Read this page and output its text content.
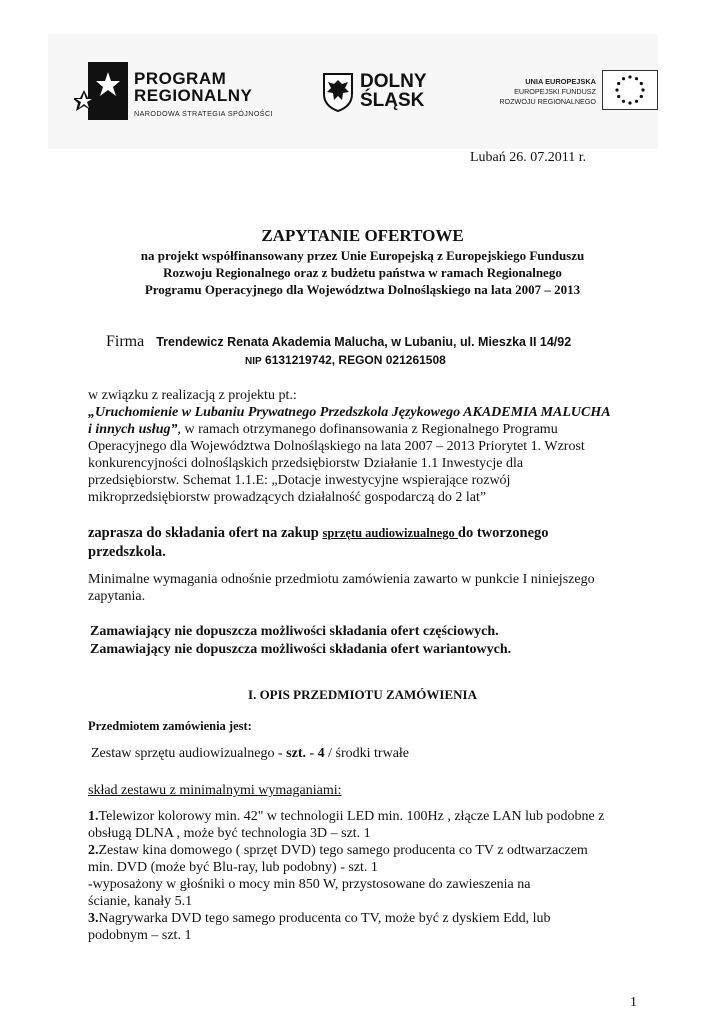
PROGRAM
REGIONALNY
NARODOWA STRATEGIA SPÓJNOŚCI
DOLNY
ŚLĄSK
UNIA EUROPEJSKA
EUROPEJSKI FUNDUSZ
ROZWOJU REGIONALNEGO
Lubań 26. 07.2011 r.
ZAPYTANIE OFERTOWE
na projekt współfinansowany przez Unie Europejską z Europejskiego Funduszu
Rozwoju Regionalnego oraz z budżetu państwa w ramach Regionalnego
Programu Operacyjnego dla Województwa Dolnośląskiego na lata 2007 – 2013
Firma Trendewicz Renata Akademia Malucha, w Lubaniu, ul. Mieszka II 14/92
NIP 6131219742, REGON 021261508
w związku z realizacją z projektu pt.:
„Uruchomienie w Lubaniu Prywatnego Przedszkola Językowego AKADEMIA MALUCHA
i innych usług”, w ramach otrzymanego dofinansowania z Regionalnego Programu
Operacyjnego dla Województwa Dolnośląskiego na lata 2007 – 2013 Priorytet 1. Wzrost
konkurencyjności dolnośląskich przedsiębiorstw Działanie 1.1 Inwestycje dla
przedsiębiorstw. Schemat 1.1.E: „Dotacje inwestycyjne wspierające rozwój
mikroprzedsiębiorstw prowadzących działalność gospodarczą do 2 lat”
zaprasza do składania ofert na zakup sprzętu audiowizualnego do tworzonego
przedszkola.
Minimalne wymagania odnośnie przedmiotu zamówienia zawarto w punkcie I niniejszego
zapytania.
Zamawiający nie dopuszcza możliwości składania ofert częściowych.
Zamawiający nie dopuszcza możliwości składania ofert wariantowych.
I. OPIS PRZEDMIOTU ZAMÓWIENIA
Przedmiotem zamówienia jest:
Zestaw sprzętu audiowizualnego - szt. - 4 / środki trwałe
skład zestawu z minimalnymi wymaganiami:
1.Telewizor kolorowy min. 42" w technologii LED min. 100Hz , złącze LAN lub podobne z
obsługą DLNA , może być technologia 3D – szt. 1
2.Zestaw kina domowego ( sprzęt DVD) tego samego producenta co TV z odtwarzaczem
min. DVD (może być Blu-ray, lub podobny) - szt. 1
-wyposażony w głośniki o mocy min 850 W, przystosowane do zawieszenia na
ścianie, kanały 5.1
3.Nagrywarka DVD tego samego producenta co TV, może być z dyskiem Edd, lub
podobnym – szt. 1
1
